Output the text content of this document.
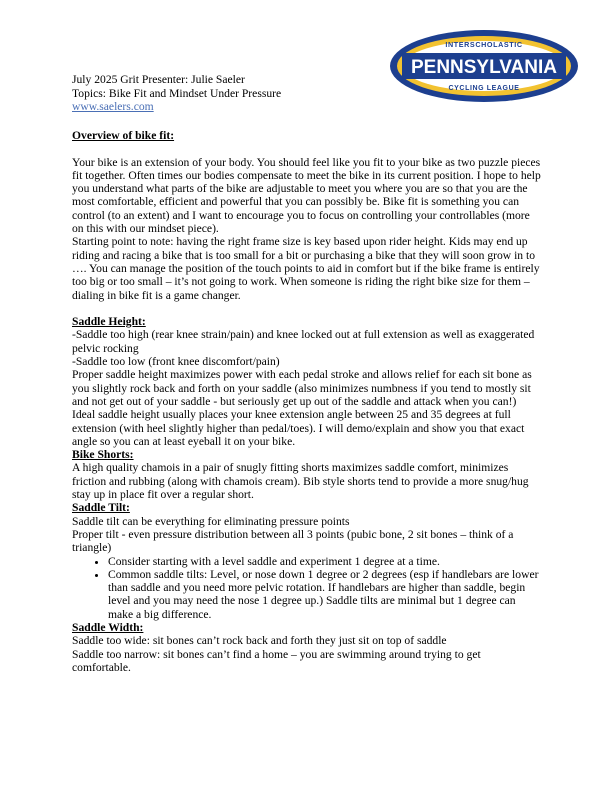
July 2025 Grit Presenter: Julie Saeler
Topics: Bike Fit and Mindset Under Pressure
www.saelers.com
INTERSCHOLASTIC
PENNSYLVANIA
CYCLING LEAGUE

Overview of bike fit:

Your bike is an extension of your body. You should feel like you fit to your bike as two puzzle pieces fit together. Often times our bodies compensate to meet the bike in its current position. I hope to help you understand what parts of the bike are adjustable to meet you where you are so that you are the most comfortable, efficient and powerful that you can possibly be. Bike fit is something you can control (to an extent) and I want to encourage you to focus on controlling your controllables (more on this with our mindset piece).

Starting point to note: having the right frame size is key based upon rider height. Kids may end up riding and racing a bike that is too small for a bit or purchasing a bike that they will soon grow in to …. You can manage the position of the touch points to aid in comfort but if the bike frame is entirely too big or too small – it’s not going to work. When someone is riding the right bike size for them – dialing in bike fit is a game changer.

Saddle Height:

-Saddle too high (rear knee strain/pain) and knee locked out at full extension as well as exaggerated pelvic rocking

-Saddle too low (front knee discomfort/pain)

Proper saddle height maximizes power with each pedal stroke and allows relief for each sit bone as you slightly rock back and forth on your saddle (also minimizes numbness if you tend to mostly sit and not get out of your saddle - but seriously get up out of the saddle and attack when you can!)

Ideal saddle height usually places your knee extension angle between 25 and 35 degrees at full extension (with heel slightly higher than pedal/toes). I will demo/explain and show you that exact angle so you can at least eyeball it on your bike.

Bike Shorts:

A high quality chamois in a pair of snugly fitting shorts maximizes saddle comfort, minimizes friction and rubbing (along with chamois cream). Bib style shorts tend to provide a more snug/hug stay up in place fit over a regular short.

Saddle Tilt:

Saddle tilt can be everything for eliminating pressure points

Proper tilt - even pressure distribution between all 3 points (pubic bone, 2 sit bones – think of a triangle)

• Consider starting with a level saddle and experiment 1 degree at a time.
• Common saddle tilts: Level, or nose down 1 degree or 2 degrees (esp if handlebars are lower than saddle and you need more pelvic rotation. If handlebars are higher than saddle, begin level and you may need the nose 1 degree up.) Saddle tilts are minimal but 1 degree can make a big difference.

Saddle Width:

Saddle too wide: sit bones can’t rock back and forth they just sit on top of saddle

Saddle too narrow: sit bones can’t find a home – you are swimming around trying to get comfortable.
